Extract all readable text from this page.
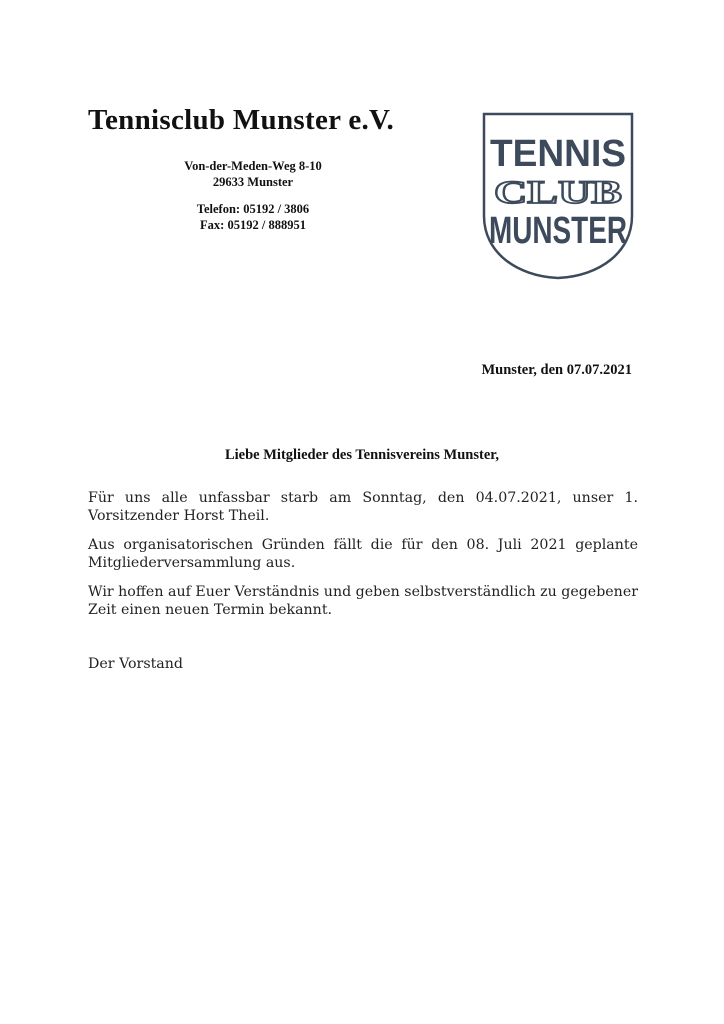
Tennisclub Munster e.V.
Von-der-Meden-Weg 8-10
29633 Munster
Telefon: 05192 / 3806
Fax: 05192 / 888951
TENNIS
CLUB
MUNSTER
Munster, den 07.07.2021
Liebe Mitglieder des Tennisvereins Munster,

Für uns alle unfassbar starb am Sonntag, den 04.07.2021, unser 1. Vorsitzender Horst Theil.

Aus organisatorischen Gründen fällt die für den 08. Juli 2021 geplante Mitgliederversammlung aus.

Wir hoffen auf Euer Verständnis und geben selbstverständlich zu gegebener Zeit einen neuen Termin bekannt.

Der Vorstand
